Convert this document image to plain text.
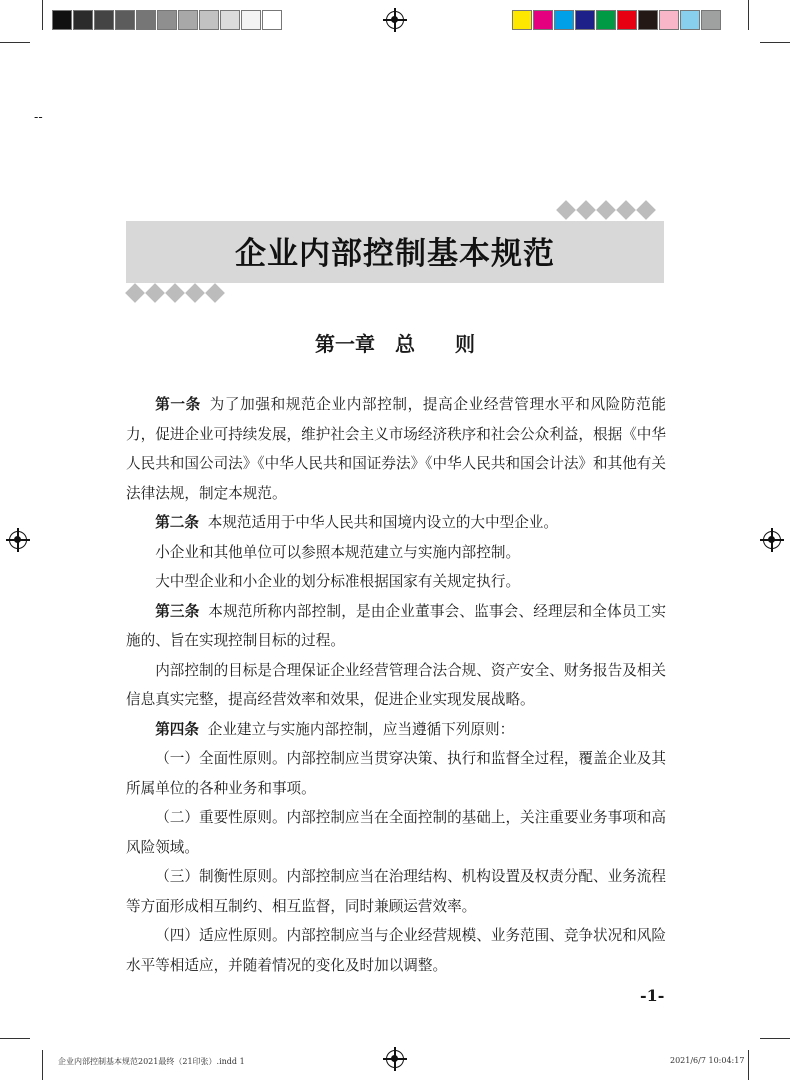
--
企业内部控制基本规范
第一章　总　　则

第一条 为了加强和规范企业内部控制，提高企业经营管理水平和风险防范能力，促进企业可持续发展，维护社会主义市场经济秩序和社会公众利益，根据《中华人民共和国公司法》《中华人民共和国证券法》《中华人民共和国会计法》和其他有关法律法规，制定本规范。

第二条 本规范适用于中华人民共和国境内设立的大中型企业。

小企业和其他单位可以参照本规范建立与实施内部控制。

大中型企业和小企业的划分标准根据国家有关规定执行。

第三条 本规范所称内部控制，是由企业董事会、监事会、经理层和全体员工实施的、旨在实现控制目标的过程。

内部控制的目标是合理保证企业经营管理合法合规、资产安全、财务报告及相关信息真实完整，提高经营效率和效果，促进企业实现发展战略。

第四条 企业建立与实施内部控制，应当遵循下列原则：

（一）全面性原则。内部控制应当贯穿决策、执行和监督全过程，覆盖企业及其所属单位的各种业务和事项。

（二）重要性原则。内部控制应当在全面控制的基础上，关注重要业务事项和高风险领域。

（三）制衡性原则。内部控制应当在治理结构、机构设置及权责分配、业务流程等方面形成相互制约、相互监督，同时兼顾运营效率。

（四）适应性原则。内部控制应当与企业经营规模、业务范围、竞争状况和风险水平等相适应，并随着情况的变化及时加以调整。

-1-
企业内部控制基本规范2021最终（21印张）.indd 1	2021/6/7 10:04:17
